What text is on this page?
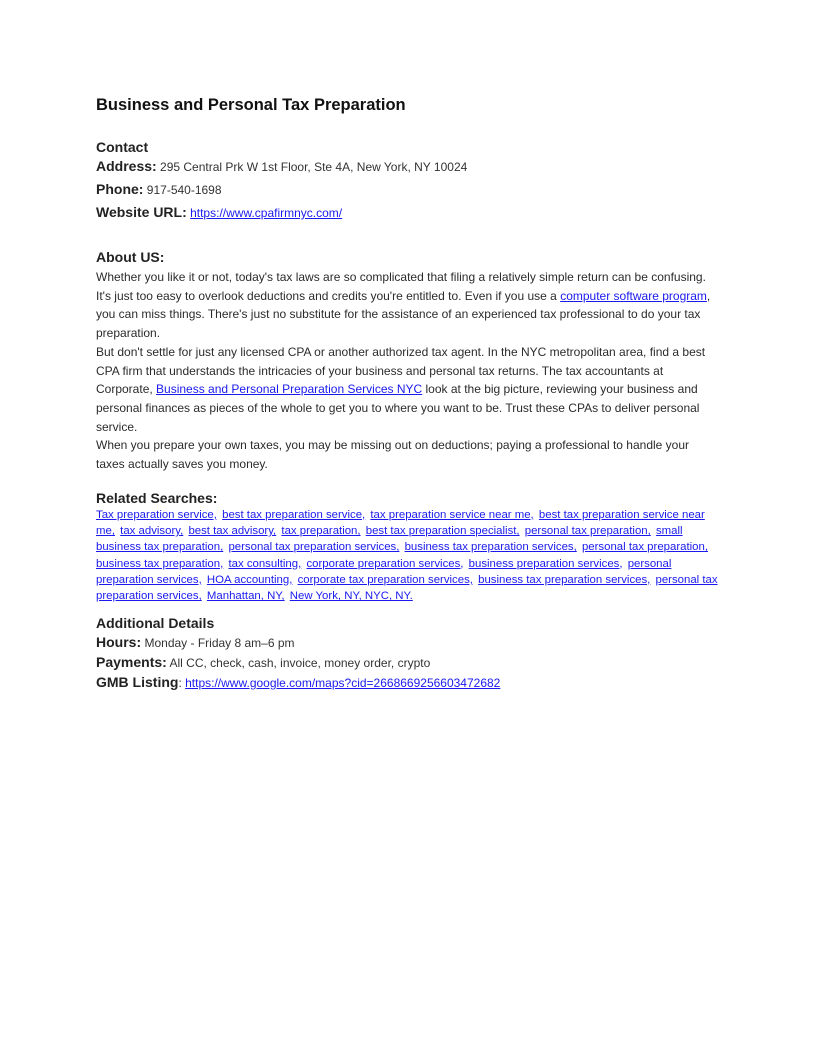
Business and Personal Tax Preparation
Contact
Address: 295 Central Prk W 1st Floor, Ste 4A, New York, NY 10024
Phone: 917-540-1698
Website URL: https://www.cpafirmnyc.com/
About US:

Whether you like it or not, today's tax laws are so complicated that filing a relatively simple return can be confusing. It's just too easy to overlook deductions and credits you're entitled to. Even if you use a computer software program, you can miss things. There's just no substitute for the assistance of an experienced tax professional to do your tax preparation.

But don't settle for just any licensed CPA or another authorized tax agent. In the NYC metropolitan area, find a best CPA firm that understands the intricacies of your business and personal tax returns. The tax accountants at Corporate, Business and Personal Preparation Services NYC look at the big picture, reviewing your business and personal finances as pieces of the whole to get you to where you want to be. Trust these CPAs to deliver personal service.

When you prepare your own taxes, you may be missing out on deductions; paying a professional to handle your taxes actually saves you money.

Related Searches:

Tax preparation service, best tax preparation service, tax preparation service near me, best tax preparation service near me, tax advisory, best tax advisory, tax preparation, best tax preparation specialist, personal tax preparation, small business tax preparation, personal tax preparation services, business tax preparation services, personal tax preparation, business tax preparation, tax consulting, corporate preparation services, business preparation services, personal preparation services, HOA accounting, corporate tax preparation services, business tax preparation services, personal tax preparation services, Manhattan, NY, New York, NY, NYC, NY.

Additional Details
Hours: Monday - Friday 8 am–6 pm
Payments: All CC, check, cash, invoice, money order, crypto
GMB Listing: https://www.google.com/maps?cid=2668669256603472682
